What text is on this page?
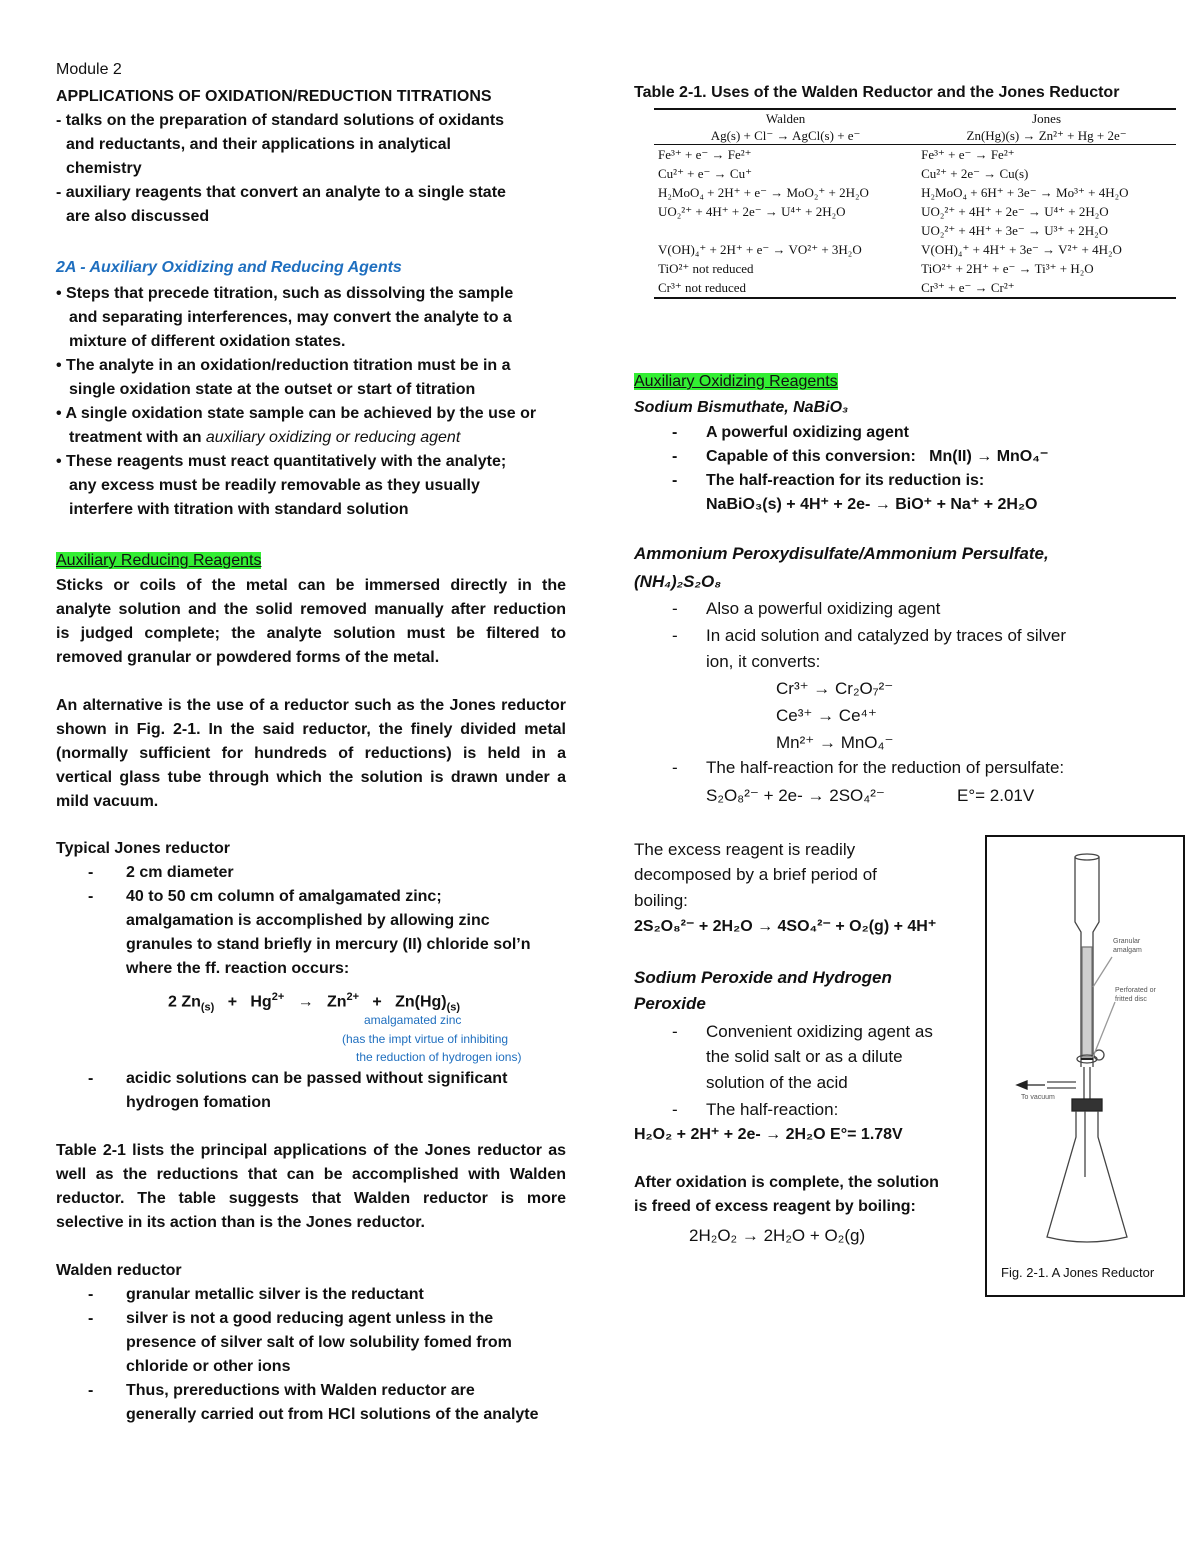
Module 2
APPLICATIONS OF OXIDATION/REDUCTION TITRATIONS
- talks on the preparation of standard solutions of oxidants
and reductants, and their applications in analytical
chemistry
- auxiliary reagents that convert an analyte to a single state
are also discussed
2A - Auxiliary Oxidizing and Reducing Agents
• Steps that precede titration, such as dissolving the sample
and separating interferences, may convert the analyte to a
mixture of different oxidation states.
• The analyte in an oxidation/reduction titration must be in a
single oxidation state at the outset or start of titration
• A single oxidation state sample can be achieved by the use or
treatment with an auxiliary oxidizing or reducing agent
• These reagents must react quantitatively with the analyte;
any excess must be readily removable as they usually
interfere with titration with standard solution
Auxiliary Reducing Reagents
Sticks or coils of the metal can be immersed directly in the
analyte solution and the solid removed manually after reduction
is judged complete; the analyte solution must be filtered to
removed granular or powdered forms of the metal.
An alternative is the use of a reductor such as the Jones reductor
shown in Fig. 2-1. In the said reductor, the finely divided metal
(normally sufficient for hundreds of reductions) is held in a
vertical glass tube through which the solution is drawn under a
mild vacuum.
Typical Jones reductor
- 2 cm diameter
- 40 to 50 cm column of amalgamated zinc;
amalgamation is accomplished by allowing zinc
granules to stand briefly in mercury (II) chloride sol’n
where the ff. reaction occurs:
2 $Zn_{(s)} + Hg^{2+} \to Zn^{2+} + Zn(Hg)_{(s)}$
amalgamated zinc
(has the impt virtue of inhibiting
the reduction of hydrogen ions)
- acidic solutions can be passed without significant
hydrogen fomation
Table 2-1 lists the principal applications of the Jones reductor as
well as the reductions that can be accomplished with Walden
reductor. The table suggests that Walden reductor is more
selective in its action than is the Jones reductor.
Walden reductor
- granular metallic silver is the reductant
- silver is not a good reducing agent unless in the
presence of silver salt of low solubility fomed from
chloride or other ions
- Thus, prereductions with Walden reductor are
generally carried out from HCl solutions of the analyte
Table 2-1. Uses of the Walden Reductor and the Jones Reductor
Walden	Jones
Ag(s) + Cl⁻ → AgCl(s) + e⁻	Zn(Hg)(s) → Zn²⁺ + Hg + 2e⁻
Fe³⁺ + e⁻ → Fe²⁺	Fe³⁺ + e⁻ → Fe²⁺
Cu²⁺ + e⁻ → Cu⁺	Cu²⁺ + 2e⁻ → Cu(s)
H₂MoO₄ + 2H⁺ + e⁻ → MoO₂⁺ + 2H₂O	H₂MoO₄ + 6H⁺ + 3e⁻ → Mo³⁺ + 4H₂O
UO₂²⁺ + 4H⁺ + 2e⁻ → U⁴⁺ + 2H₂O	UO₂²⁺ + 4H⁺ + 2e⁻ → U⁴⁺ + 2H₂O
	UO₂²⁺ + 4H⁺ + 3e⁻ → U³⁺ + 2H₂O
V(OH)₄⁺ + 2H⁺ + e⁻ → VO²⁺ + 3H₂O	V(OH)₄⁺ + 4H⁺ + 3e⁻ → V²⁺ + 4H₂O
TiO²⁺ not reduced	TiO²⁺ + 2H⁺ + e⁻ → Ti³⁺ + H₂O
Cr³⁺ not reduced	Cr³⁺ + e⁻ → Cr²⁺
Auxiliary Oxidizing Reagents
Sodium Bismuthate, NaBiO₃
- A powerful oxidizing agent
- Capable of this conversion:   Mn(II) → MnO₄⁻
- The half-reaction for its reduction is:
NaBiO₃(s) + 4H⁺ + 2e- → BiO⁺ + Na⁺ + 2H₂O
Ammonium Peroxydisulfate/Ammonium Persulfate,
(NH₄)₂S₂O₈
- Also a powerful oxidizing agent
- In acid solution and catalyzed by traces of silver
ion, it converts:
Cr³⁺ → Cr₂O₇²⁻
Ce³⁺ → Ce⁴⁺
Mn²⁺ → MnO₄⁻
- The half-reaction for the reduction of persulfate:
S₂O₈²⁻ + 2e- → 2SO₄²⁻	E°= 2.01V
The excess reagent is readily
decomposed by a brief period of
boiling:
2S₂O₈²⁻ + 2H₂O → 4SO₄²⁻ + O₂(g) + 4H⁺
Sodium Peroxide and Hydrogen
Peroxide
- Convenient oxidizing agent as
the solid salt or as a dilute
solution of the acid
- The half-reaction:
H₂O₂ + 2H⁺ + 2e- → 2H₂O E°= 1.78V
After oxidation is complete, the solution
is freed of excess reagent by boiling:
2H₂O₂ → 2H₂O + O₂(g)
Granular
amalgam
Perforated or
fritted disc
To vacuum
Fig. 2-1. A Jones Reductor
